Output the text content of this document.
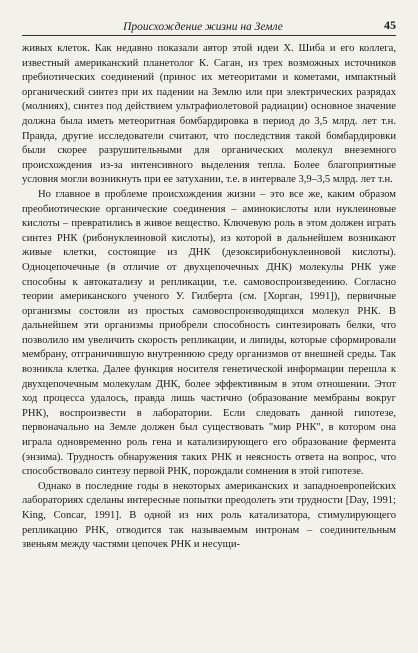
Происхождение жизни на Земле	45

живых клеток. Как недавно показали автор этой идеи Х. Шиба и его коллега, известный американский планетолог К. Саган, из трех возможных источников пребиотических соединений (принос их метеоритами и кометами, импактный органический синтез при их падении на Землю или при электрических разрядах (молниях), синтез под действием ультрафиолетовой радиации) основное значение должна была иметь метеоритная бомбардировка в период до 3,5 млрд. лет т.н. Правда, другие исследователи считают, что последствия такой бомбардировки были скорее разрушительными для органических молекул внеземного происхождения из-за интенсивного выделения тепла. Более благоприятные условия могли возникнуть при ее затухании, т.е. в интервале 3,9–3,5 млрд. лет т.н.

Но главное в проблеме происхождения жизни – это все же, каким образом преобиотические органические соединения – аминокислоты или нуклеиновые кислоты – превратились в живое вещество. Ключевую роль в этом должен играть синтез РНК (рибонуклеиновой кислоты), из которой в дальнейшем возникают живые клетки, состоящие из ДНК (дезоксирибонуклеиновой кислоты). Одноцепочечные (в отличие от двухцепочечных ДНК) молекулы РНК уже способны к автокатализу и репликации, т.е. самовоспроизведению. Согласно теории американского ученого У. Гилберта (см. [Хорган, 1991]), первичные организмы состояли из простых самовоспроизводящихся молекул РНК. В дальнейшем эти организмы приобрели способность синтезировать белки, что позволило им увеличить скорость репликации, и липиды, которые сформировали мембрану, отграничившую внутреннюю среду организмов от внешней среды. Так возникла клетка. Далее функция носителя генетической информации перешла к двухцепочечным молекулам ДНК, более эффективным в этом отношении. Этот ход процесса удалось, правда лишь частично (образование мембраны вокруг РНК), воспроизвести в лаборатории. Если следовать данной гипотезе, первоначально на Земле должен был существовать "мир РНК", в котором она играла одновременно роль гена и катализирующего его образование фермента (энзима). Трудность обнаружения таких РНК и неясность ответа на вопрос, что способствовало синтезу первой РНК, порождали сомнения в этой гипотезе.

Однако в последние годы в некоторых американских и западноевропейских лабораториях сделаны интересные попытки преодолеть эти трудности [Day, 1991; King, Concar, 1991]. В одной из них роль катализатора, стимулирующего репликацию РНК, отводится так называемым интронам – соединительным звеньям между частями цепочек РНК и несущи-
